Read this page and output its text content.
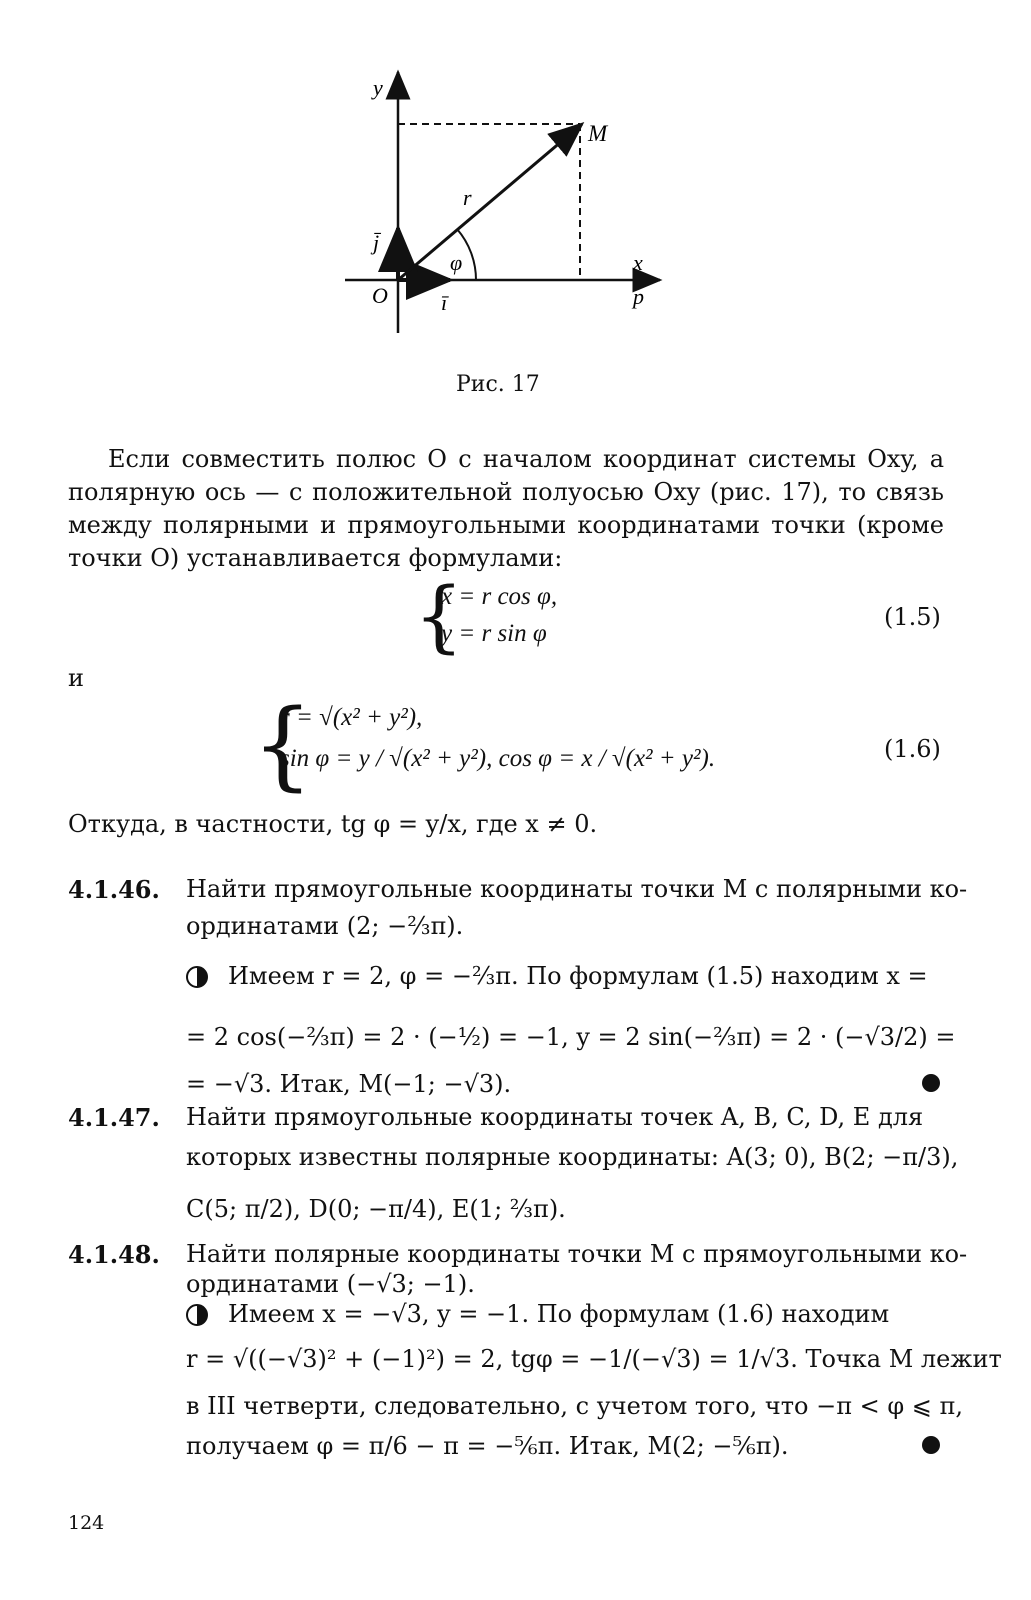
y
M
r
j̄
φ	x
O ī	p
Рис. 17
Если совместить полюс O с началом координат системы Oxy, а полярную ось — с положительной полуосью Oxy (рис. 17), то связь между полярными и прямоугольными координатами точки (кроме точки O) устанавливается формулами:
{
x = r cos φ,
y = r sin φ
(1.5)
и
{
r = √(x² + y²),
sin φ = y / √(x² + y²), cos φ = x / √(x² + y²).	(1.6)
Откуда, в частности, tg φ = y/x, где x ≠ 0.
4.1.46. Найти прямоугольные координаты точки M с полярными ко-
ординатами (2; −⅔π).
Имеем r = 2, φ = −⅔π. По формулам (1.5) находим x =
= 2 cos(−⅔π) = 2 · (−½) = −1, y = 2 sin(−⅔π) = 2 · (−√3/2) =
= −√3. Итак, M(−1; −√3).
4.1.47. Найти прямоугольные координаты точек A, B, C, D, E для
которых известны полярные координаты: A(3; 0), B(2; −π/3),
C(5; π/2), D(0; −π/4), E(1; ⅔π).
4.1.48. Найти полярные координаты точки M с прямоугольными ко-
ординатами (−√3; −1).
Имеем x = −√3, y = −1. По формулам (1.6) находим
r = √((−√3)² + (−1)²) = 2, tgφ = −1/(−√3) = 1/√3. Точка M лежит
в III четверти, следовательно, с учетом того, что −π < φ ⩽ π,
получаем φ = π/6 − π = −⅚π. Итак, M(2; −⅚π).
124
